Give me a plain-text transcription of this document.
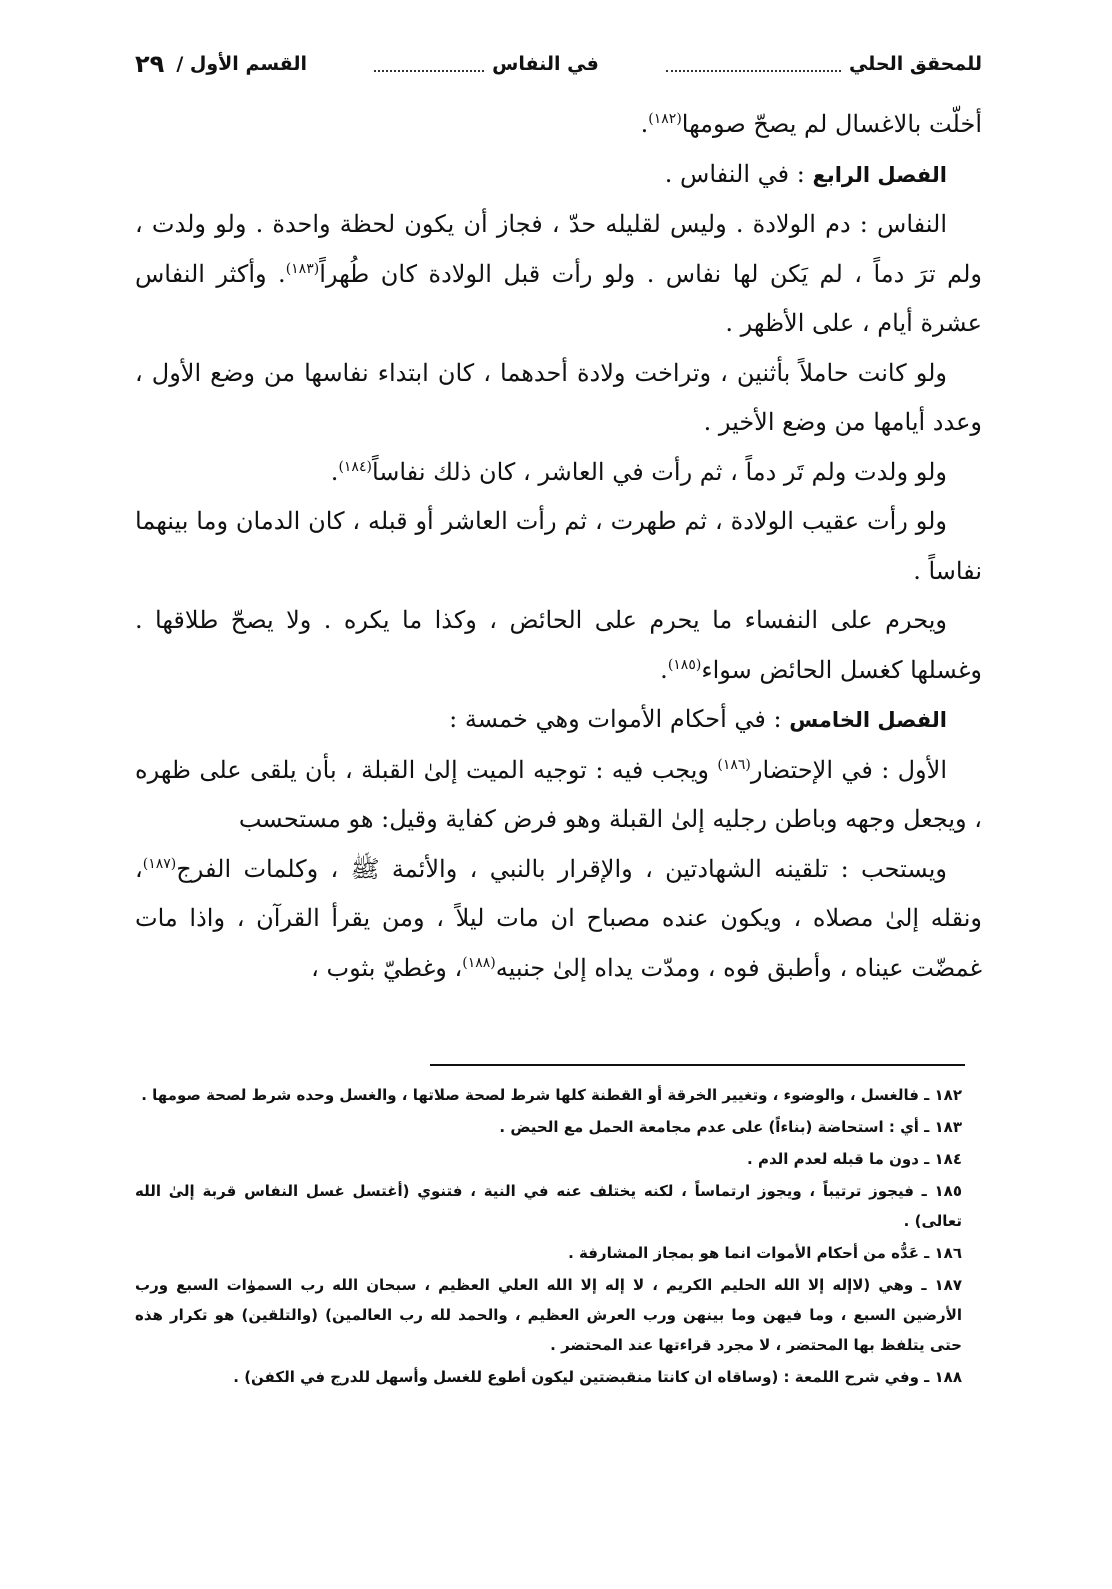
للمحقق الحلي
في النفاس
القسم الأول /
٢٩

أخلّت بالاغسال لم يصحّ صومها$^{(١٨٢)}$.

الفصل الرابع : في النفاس .

النفاس : دم الولادة . وليس لقليله حدّ ، فجاز أن يكون لحظة واحدة . ولو ولدت ، ولم ترَ دماً ، لم يَكن لها نفاس . ولو رأت قبل الولادة كان طُهراً$^{(١٨٣)}$. وأكثر النفاس عشرة أيام ، على الأظهر .

ولو كانت حاملاً بأثنين ، وتراخت ولادة أحدهما ، كان ابتداء نفاسها من وضع الأول ، وعدد أيامها من وضع الأخير .

ولو ولدت ولم تَر دماً ، ثم رأت في العاشر ، كان ذلك نفاساً$^{(١٨٤)}$.

ولو رأت عقيب الولادة ، ثم طهرت ، ثم رأت العاشر أو قبله ، كان الدمان وما بينهما نفاساً .

ويحرم على النفساء ما يحرم على الحائض ، وكذا ما يكره . ولا يصحّ طلاقها . وغسلها كغسل الحائض سواء$^{(١٨٥)}$.

الفصل الخامس : في أحكام الأموات وهي خمسة :

الأول : في الإحتضار$^{(١٨٦)}$ ويجب فيه : توجيه الميت إلىٰ القبلة ، بأن يلقى على ظهره ، ويجعل وجهه وباطن رجليه إلىٰ القبلة وهو فرض كفاية وقيل: هو مستحسب

ويستحب : تلقينه الشهادتين ، والإقرار بالنبي ، والأئمة ﷺ ، وكلمات الفرج$^{(١٨٧)}$، ونقله إلىٰ مصلاه ، ويكون عنده مصباح ان مات ليلاً ، ومن يقرأ القرآن ، واذا مات غمضّت عيناه ، وأطبق فوه ، ومدّت يداه إلىٰ جنبيه$^{(١٨٨)}$، وغطيّ بثوب ،

١٨٢ ـ فالغسل ، والوضوء ، وتغيير الخرقة أو القطنة كلها شرط لصحة صلاتها ، والغسل وحده شرط لصحة صومها .

١٨٣ ـ أي : استحاضة (بناءاً) على عدم مجامعة الحمل مع الحيض .

١٨٤ ـ دون ما قبله لعدم الدم .

١٨٥ ـ فيجوز ترتيباً ، ويجوز ارتماساً ، لكنه يختلف عنه في النية ، فتنوي (أغتسل غسل النفاس قربة إلىٰ الله تعالى) .

١٨٦ ـ عَدُّه من أحكام الأموات انما هو بمجاز المشارفة .

١٨٧ ـ وهي (لاإله إلا الله الحليم الكريم ، لا إله إلا الله العلي العظيم ، سبحان الله رب السموٰات السبع ورب الأرضين السبع ، وما فيهن وما بينهن ورب العرش العظيم ، والحمد لله رب العالمين) (والتلقين) هو تكرار هذه حتى يتلفظ بها المحتضر ، لا مجرد قراءتها عند المحتضر .

١٨٨ ـ وفي شرح اللمعة : (وساقاه ان كانتا منقبضتين ليكون أطوع للغسل وأسهل للدرج في الكفن) .
